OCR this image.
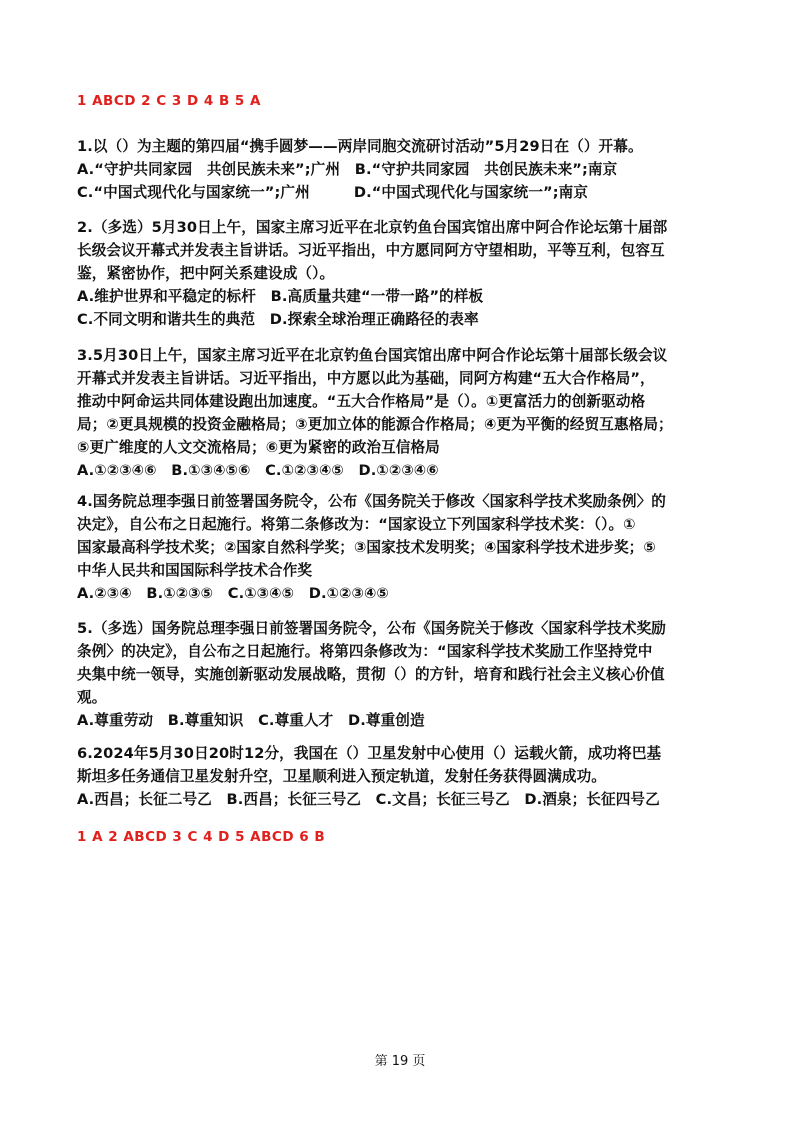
1 ABCD 2 C 3 D 4 B 5 A
1.以（）为主题的第四届“携手圆梦——两岸同胞交流研讨活动”5月29日在（）开幕。
A.“守护共同家园　共创民族未来”;广州　B.“守护共同家园　共创民族未来”;南京
C.“中国式现代化与国家统一”;广州　　　D.“中国式现代化与国家统一”;南京
2.（多选）5月30日上午，国家主席习近平在北京钓鱼台国宾馆出席中阿合作论坛第十届部
长级会议开幕式并发表主旨讲话。习近平指出，中方愿同阿方守望相助，平等互利，包容互
鉴，紧密协作，把中阿关系建设成（）。
A.维护世界和平稳定的标杆　B.高质量共建“一带一路”的样板
C.不同文明和谐共生的典范　D.探索全球治理正确路径的表率
3.5月30日上午，国家主席习近平在北京钓鱼台国宾馆出席中阿合作论坛第十届部长级会议
开幕式并发表主旨讲话。习近平指出，中方愿以此为基础，同阿方构建“五大合作格局”，
推动中阿命运共同体建设跑出加速度。“五大合作格局”是（）。①更富活力的创新驱动格
局；②更具规模的投资金融格局；③更加立体的能源合作格局；④更为平衡的经贸互惠格局；
⑤更广维度的人文交流格局；⑥更为紧密的政治互信格局
A.①②③④⑥　B.①③④⑤⑥　C.①②③④⑤　D.①②③④⑥
4.国务院总理李强日前签署国务院令，公布《国务院关于修改〈国家科学技术奖励条例〉的
决定》，自公布之日起施行。将第二条修改为：“国家设立下列国家科学技术奖：（）。①
国家最高科学技术奖；②国家自然科学奖；③国家技术发明奖；④国家科学技术进步奖；⑤
中华人民共和国国际科学技术合作奖
A.②③④　B.①②③⑤　C.①③④⑤　D.①②③④⑤
5.（多选）国务院总理李强日前签署国务院令，公布《国务院关于修改〈国家科学技术奖励
条例〉的决定》，自公布之日起施行。将第四条修改为：“国家科学技术奖励工作坚持党中
央集中统一领导，实施创新驱动发展战略，贯彻（）的方针，培育和践行社会主义核心价值
观。
A.尊重劳动　B.尊重知识　C.尊重人才　D.尊重创造
6.2024年5月30日20时12分，我国在（）卫星发射中心使用（）运载火箭，成功将巴基
斯坦多任务通信卫星发射升空，卫星顺利进入预定轨道，发射任务获得圆满成功。
A.西昌；长征二号乙　B.西昌；长征三号乙　C.文昌；长征三号乙　D.酒泉；长征四号乙
1 A 2 ABCD 3 C 4 D 5 ABCD 6 B
第 19 页
